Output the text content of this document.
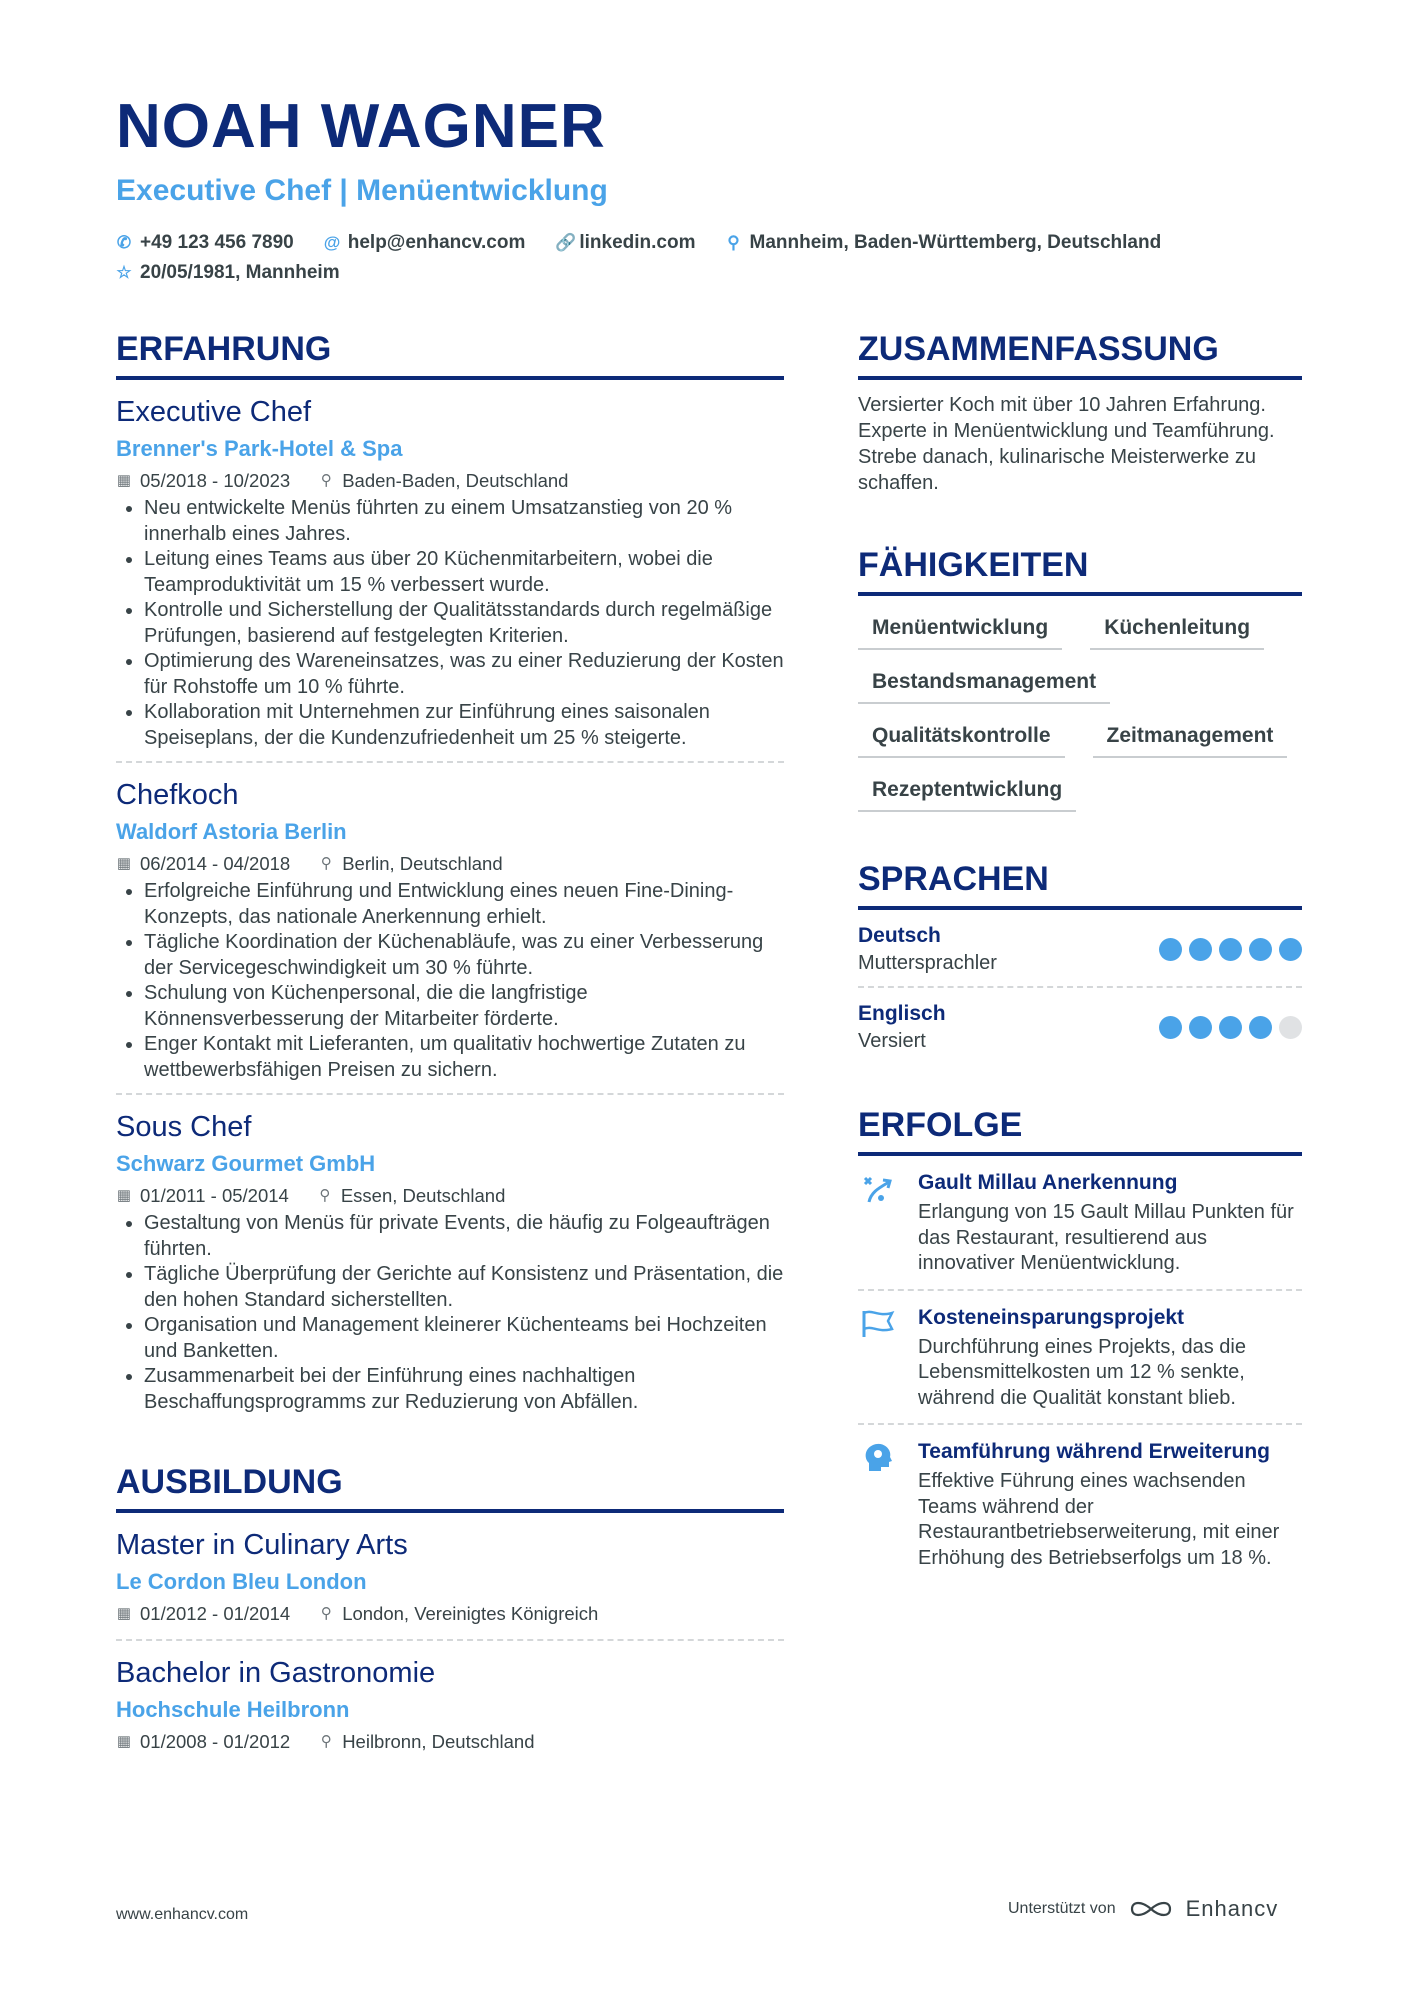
NOAH WAGNER
Executive Chef | Menüentwicklung
✆ +49 123 456 7890 @ help@enhancv.com 🔗 linkedin.com ⚲ Mannheim, Baden-Württemberg, Deutschland
☆ 20/05/1981, Mannheim
ERFAHRUNG
Executive Chef
Brenner's Park-Hotel & Spa
▦ 05/2018 - 10/2023 ⚲ Baden-Baden, Deutschland
• Neu entwickelte Menüs führten zu einem Umsatzanstieg von 20 % innerhalb eines Jahres.
• Leitung eines Teams aus über 20 Küchenmitarbeitern, wobei die Teamproduktivität um 15 % verbessert wurde.
• Kontrolle und Sicherstellung der Qualitätsstandards durch regelmäßige Prüfungen, basierend auf festgelegten Kriterien.
• Optimierung des Wareneinsatzes, was zu einer Reduzierung der Kosten für Rohstoffe um 10 % führte.
• Kollaboration mit Unternehmen zur Einführung eines saisonalen Speiseplans, der die Kundenzufriedenheit um 25 % steigerte.
Chefkoch
Waldorf Astoria Berlin
▦ 06/2014 - 04/2018 ⚲ Berlin, Deutschland
• Erfolgreiche Einführung und Entwicklung eines neuen Fine-Dining-Konzepts, das nationale Anerkennung erhielt.
• Tägliche Koordination der Küchenabläufe, was zu einer Verbesserung der Servicegeschwindigkeit um 30 % führte.
• Schulung von Küchenpersonal, die die langfristige Könnensverbesserung der Mitarbeiter förderte.
• Enger Kontakt mit Lieferanten, um qualitativ hochwertige Zutaten zu wettbewerbsfähigen Preisen zu sichern.
Sous Chef
Schwarz Gourmet GmbH
▦ 01/2011 - 05/2014 ⚲ Essen, Deutschland
• Gestaltung von Menüs für private Events, die häufig zu Folgeaufträgen führten.
• Tägliche Überprüfung der Gerichte auf Konsistenz und Präsentation, die den hohen Standard sicherstellten.
• Organisation und Management kleinerer Küchenteams bei Hochzeiten und Banketten.
• Zusammenarbeit bei der Einführung eines nachhaltigen Beschaffungsprogramms zur Reduzierung von Abfällen.
AUSBILDUNG
Master in Culinary Arts
Le Cordon Bleu London
▦ 01/2012 - 01/2014 ⚲ London, Vereinigtes Königreich
Bachelor in Gastronomie
Hochschule Heilbronn
▦ 01/2008 - 01/2012 ⚲ Heilbronn, Deutschland
ZUSAMMENFASSUNG

Versierter Koch mit über 10 Jahren Erfahrung. Experte in Menüentwicklung und Teamführung. Strebe danach, kulinarische Meisterwerke zu schaffen.

FÄHIGKEITEN
Menüentwicklung	Küchenleitung
Bestandsmanagement
Qualitätskontrolle	Zeitmanagement
Rezeptentwicklung
SPRACHEN
Deutsch
Muttersprachler
Englisch
Versiert
ERFOLGE
Gault Millau Anerkennung
Erlangung von 15 Gault Millau Punkten für das Restaurant, resultierend aus innovativer Menüentwicklung.
Kosteneinsparungsprojekt
Durchführung eines Projekts, das die Lebensmittelkosten um 12 % senkte, während die Qualität konstant blieb.
Teamführung während Erweiterung
Effektive Führung eines wachsenden Teams während der Restaurantbetriebserweiterung, mit einer Erhöhung des Betriebserfolgs um 18 %.
www.enhancv.com	Unterstützt von	Enhancv
